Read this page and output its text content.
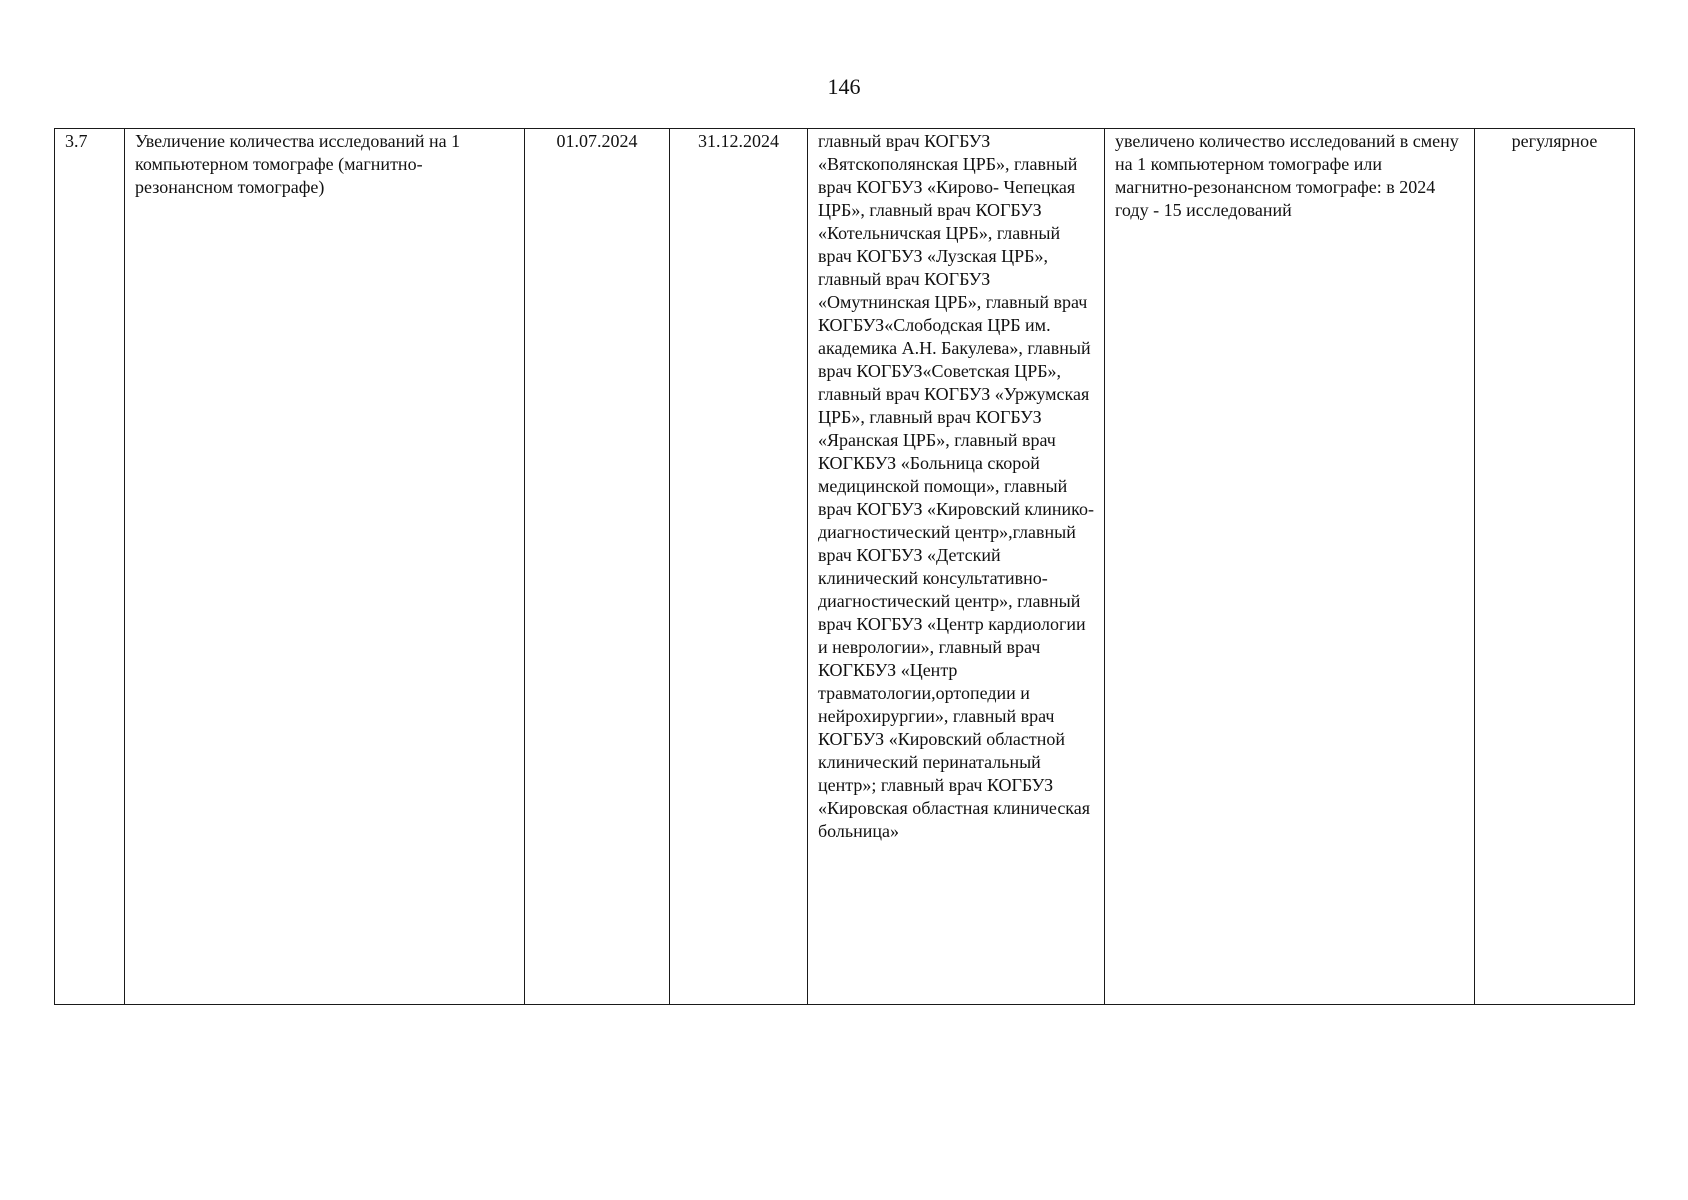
146
3.7	Увеличение количества исследований на 1 компьютерном томографе (магнитно-резонансном томографе)	01.07.2024	31.12.2024	главный врач КОГБУЗ «Вятскополянская ЦРБ», главный врач КОГБУЗ «Кирово- Чепецкая ЦРБ», главный врач КОГБУЗ «Котельничская ЦРБ», главный врач КОГБУЗ «Лузская ЦРБ», главный врач КОГБУЗ «Омутнинская ЦРБ», главный врач КОГБУЗ«Слободская ЦРБ им. академика А.Н. Бакулева», главный врач КОГБУЗ«Советская ЦРБ», главный врач КОГБУЗ «Уржумская ЦРБ», главный врач КОГБУЗ «Яранская ЦРБ», главный врач КОГКБУЗ «Больница скорой медицинской помощи», главный врач КОГБУЗ «Кировский клинико-диагностический центр»,главный врач КОГБУЗ «Детский клинический консультативно-диагностический центр», главный врач КОГБУЗ «Центр кардиологии и неврологии», главный врач КОГКБУЗ «Центр травматологии,ортопедии и нейрохирургии», главный врач КОГБУЗ «Кировский областной клинический перинатальный центр»; главный врач КОГБУЗ «Кировская областная клиническая больница»	увеличено количество исследований в смену на 1 компьютерном томографе или магнитно-резонансном томографе: в 2024 году - 15 исследований	регулярное
